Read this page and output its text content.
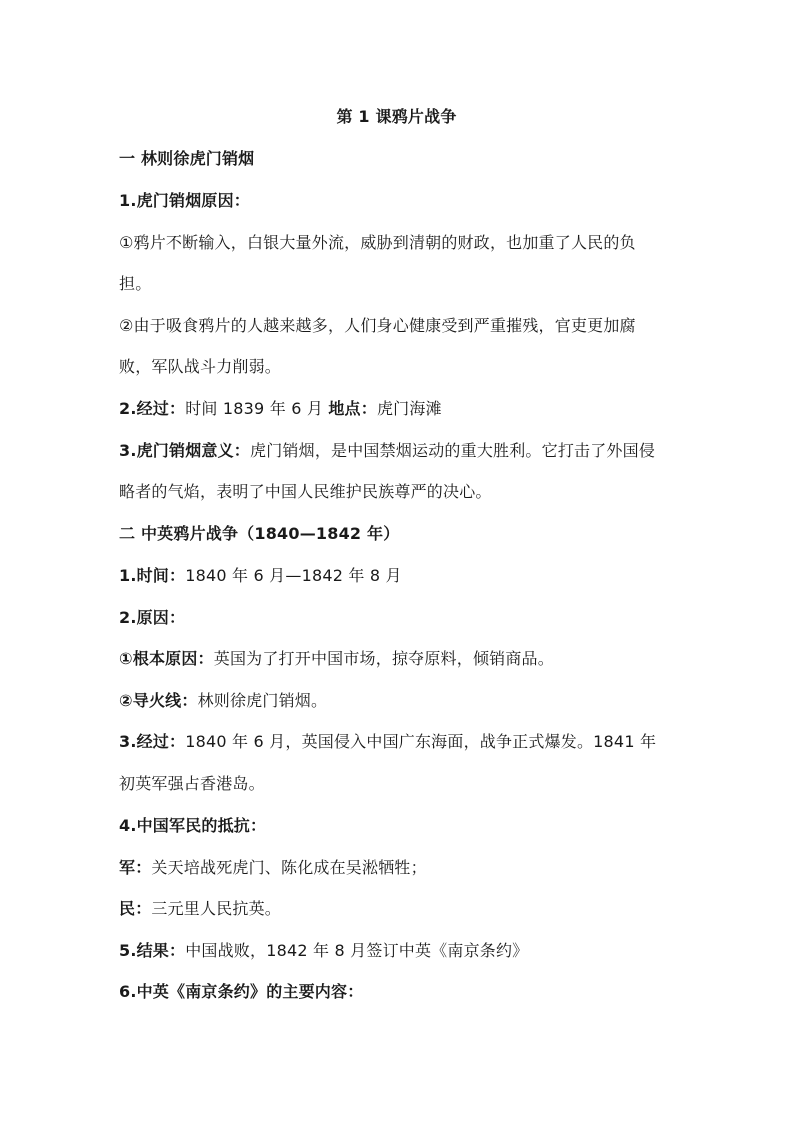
第 1 课鸦片战争
一 林则徐虎门销烟
1.虎门销烟原因：
①鸦片不断输入，白银大量外流，威胁到清朝的财政，也加重了人民的负
担。
②由于吸食鸦片的人越来越多，人们身心健康受到严重摧残，官吏更加腐
败，军队战斗力削弱。
2.经过：时间 1839 年 6 月 地点：虎门海滩
3.虎门销烟意义：虎门销烟，是中国禁烟运动的重大胜利。它打击了外国侵
略者的气焰，表明了中国人民维护民族尊严的决心。
二 中英鸦片战争（1840—1842 年）
1.时间：1840 年 6 月—1842 年 8 月
2.原因：
①根本原因：英国为了打开中国市场，掠夺原料，倾销商品。
②导火线：林则徐虎门销烟。
3.经过：1840 年 6 月，英国侵入中国广东海面，战争正式爆发。1841 年
初英军强占香港岛。
4.中国军民的抵抗：
军：关天培战死虎门、陈化成在吴淞牺牲；
民：三元里人民抗英。
5.结果：中国战败，1842 年 8 月签订中英《南京条约》
6.中英《南京条约》的主要内容：
